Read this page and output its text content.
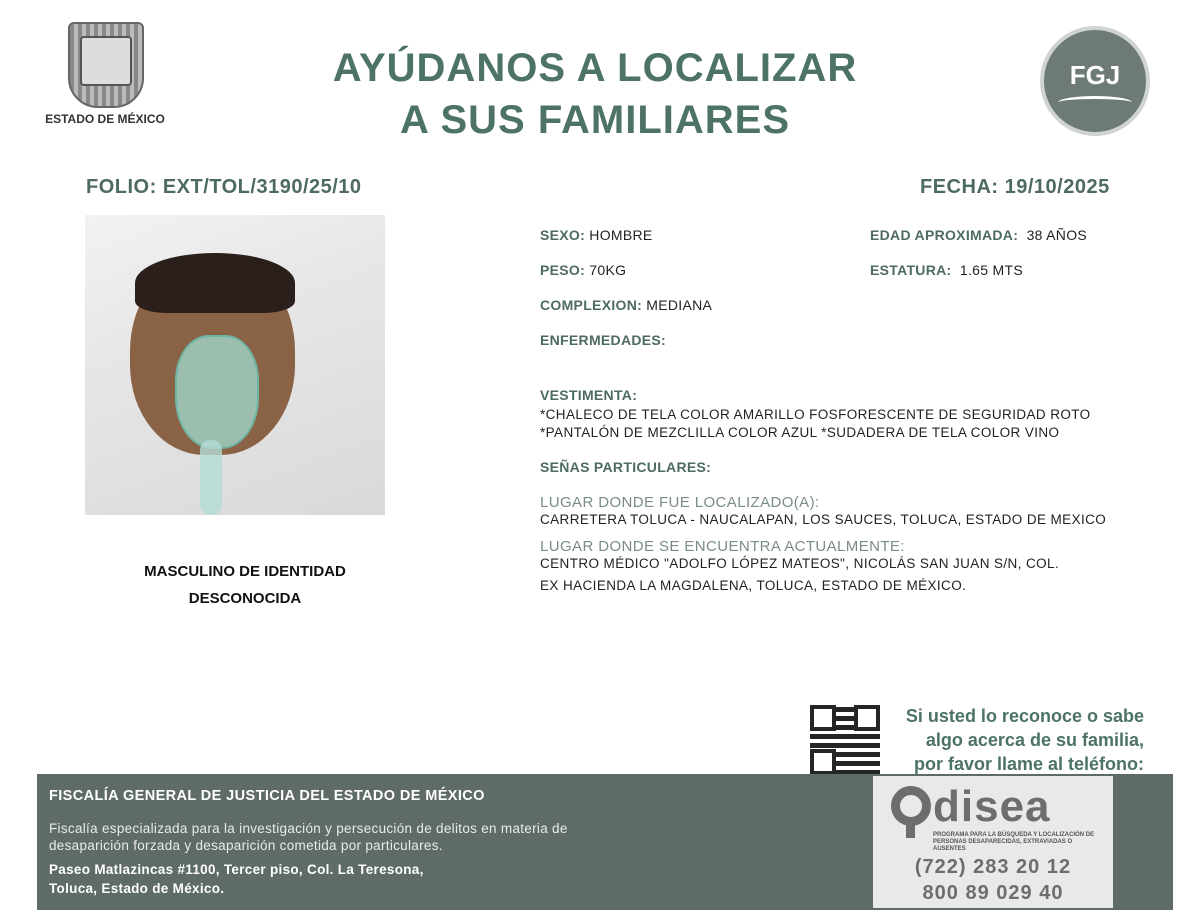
ESTADO DE MÉXICO
AYÚDANOS A LOCALIZAR
A SUS FAMILIARES
FGJ
FOLIO: EXT/TOL/3190/25/10	FECHA: 19/10/2025
MASCULINO DE IDENTIDAD
DESCONOCIDA
SEXO: HOMBRE	EDAD APROXIMADA: 38 AÑOS
PESO: 70KG	ESTATURA: 1.65 MTS
COMPLEXION: MEDIANA
ENFERMEDADES:
VESTIMENTA:
*CHALECO DE TELA COLOR AMARILLO FOSFORESCENTE DE SEGURIDAD ROTO
*PANTALÓN DE MEZCLILLA COLOR AZUL *SUDADERA DE TELA COLOR VINO
SEÑAS PARTICULARES:
LUGAR DONDE FUE LOCALIZADO(A):
CARRETERA TOLUCA - NAUCALAPAN, LOS SAUCES, TOLUCA, ESTADO DE MEXICO
LUGAR DONDE SE ENCUENTRA ACTUALMENTE:
CENTRO MÉDICO "ADOLFO LÓPEZ MATEOS", NICOLÁS SAN JUAN S/N, COL.
EX HACIENDA LA MAGDALENA, TOLUCA, ESTADO DE MÉXICO.
Si usted lo reconoce o sabe
algo acerca de su familia,
por favor llame al teléfono:
FISCALÍA GENERAL DE JUSTICIA DEL ESTADO DE MÉXICO
Fiscalía especializada para la investigación y persecución de delitos en materia de desaparición forzada y desaparición cometida por particulares.
Paseo Matlazincas #1100, Tercer piso, Col. La Teresona,
Toluca, Estado de México.
disea
PROGRAMA PARA LA BÚSQUEDA Y LOCALIZACIÓN DE PERSONAS DESAPARECIDAS, EXTRAVIADAS O AUSENTES
(722) 283 20 12
800 89 029 40
